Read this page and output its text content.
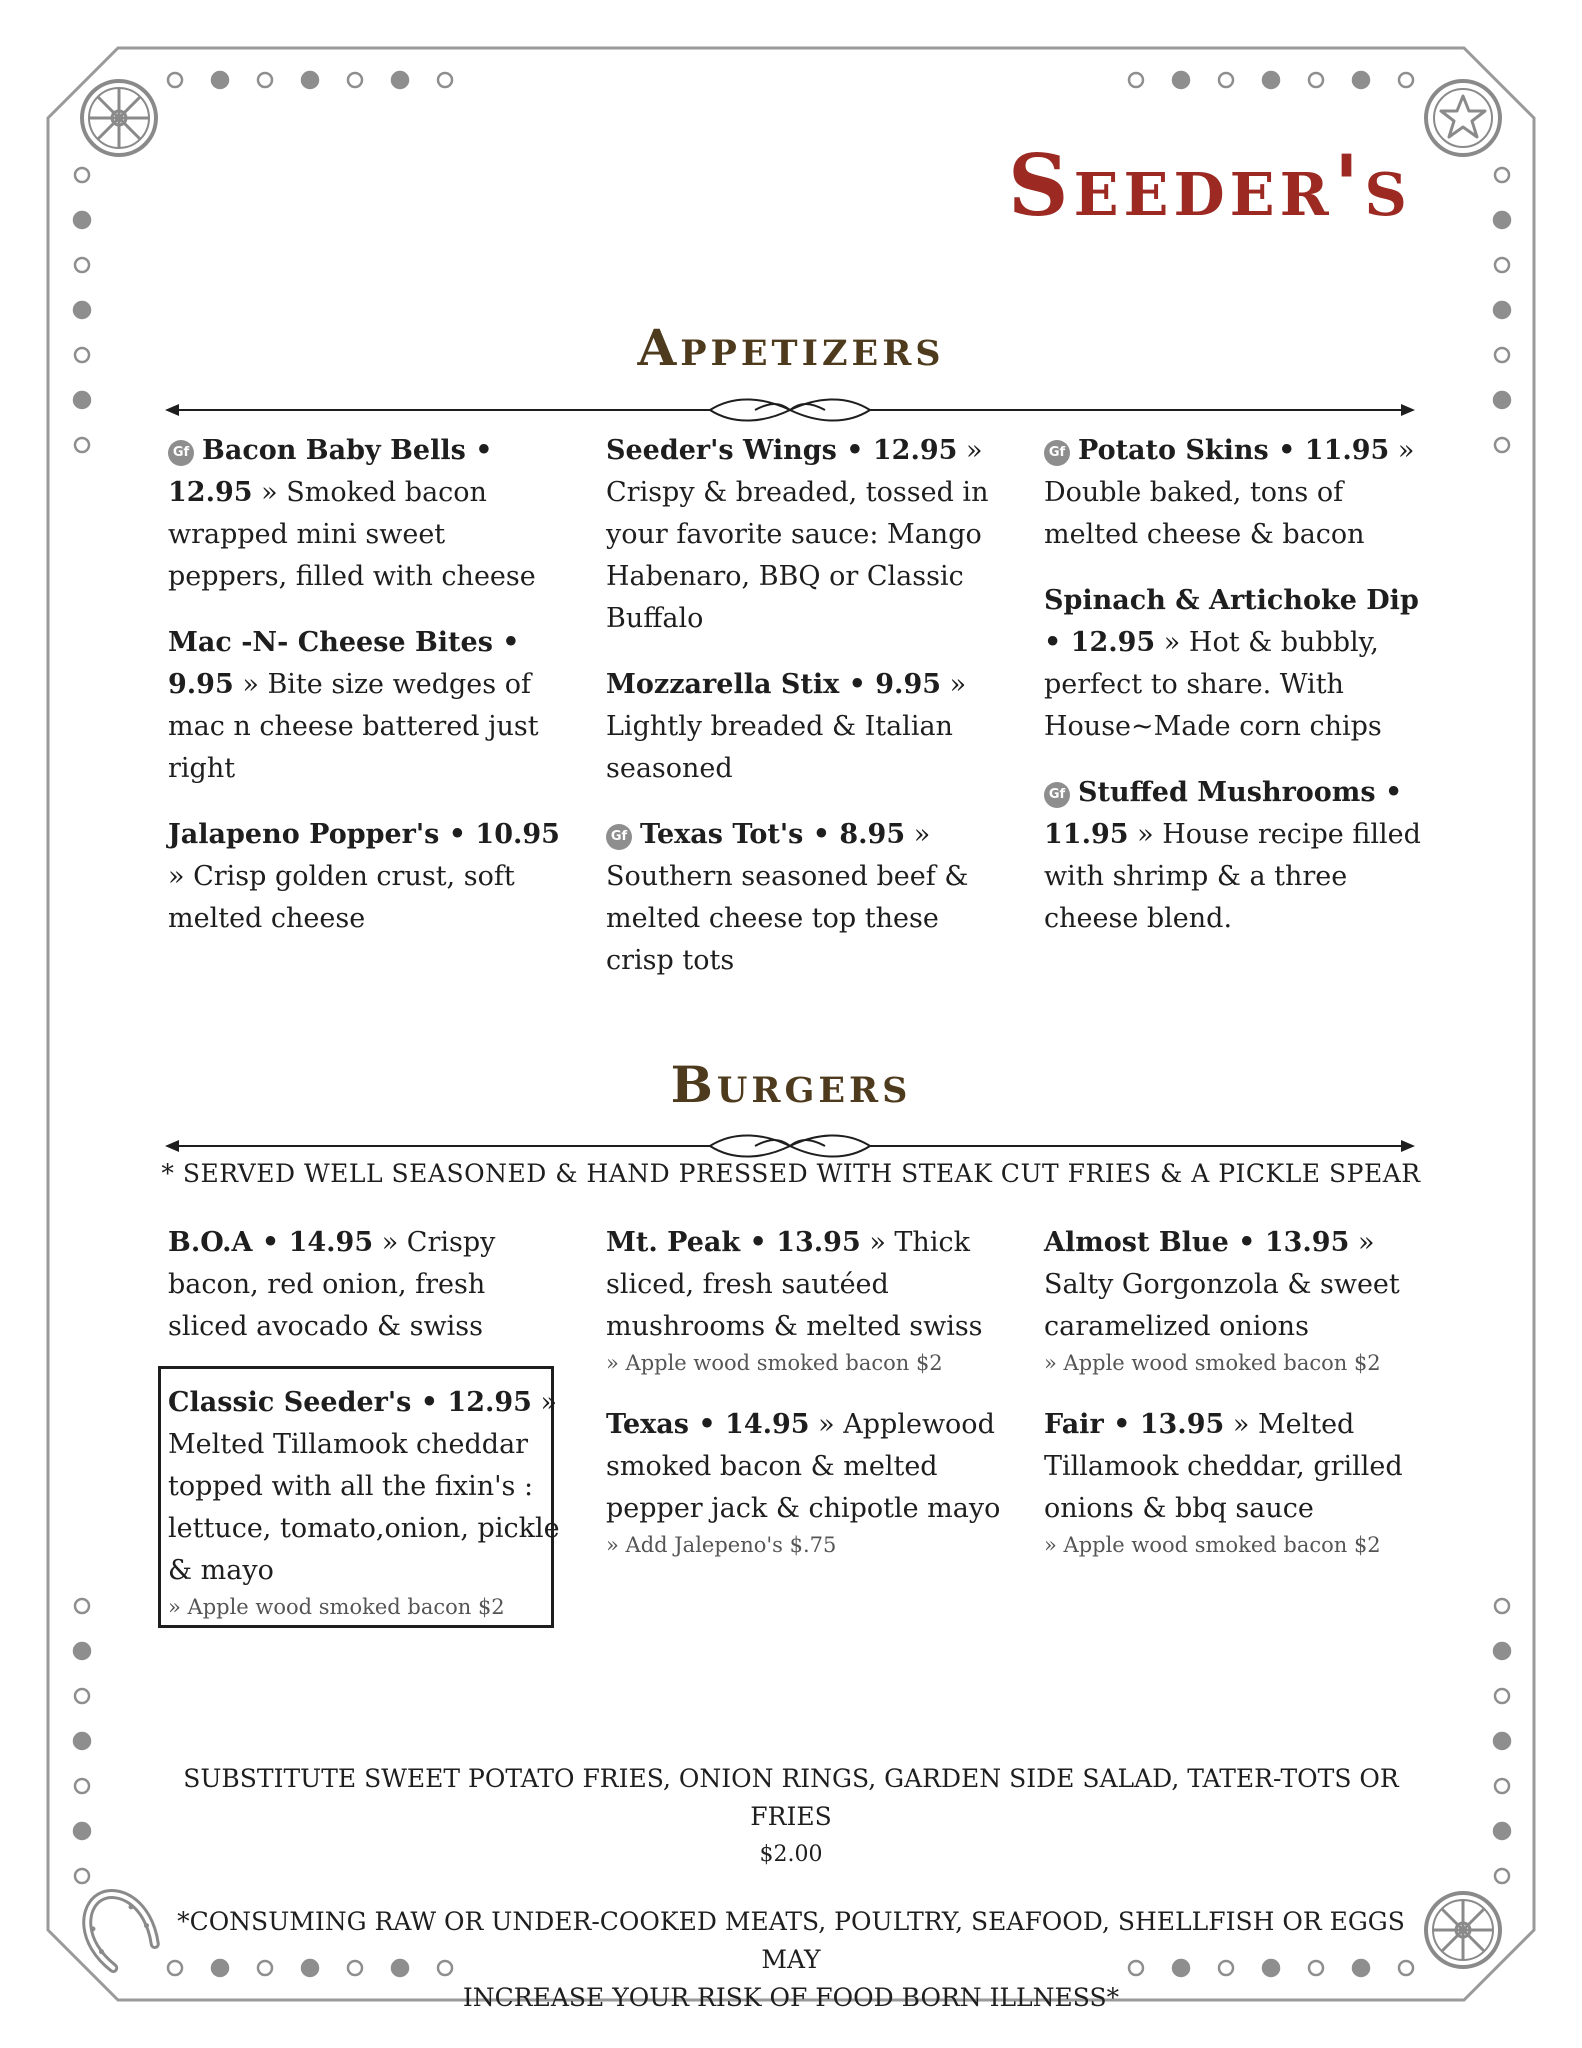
Seeder's
Appetizers
Gf Bacon Baby Bells • 12.95 » Smoked bacon wrapped mini sweet peppers, filled with cheese
Mac -N- Cheese Bites • 9.95 » Bite size wedges of mac n cheese battered just right
Jalapeno Popper's • 10.95 » Crisp golden crust, soft melted cheese
Seeder's Wings • 12.95 » Crispy & breaded, tossed in your favorite sauce: Mango Habenaro, BBQ or Classic Buffalo
Mozzarella Stix • 9.95 » Lightly breaded & Italian seasoned
Gf Texas Tot's • 8.95 » Southern seasoned beef & melted cheese top these crisp tots
Gf Potato Skins • 11.95 » Double baked, tons of melted cheese & bacon
Spinach & Artichoke Dip • 12.95 » Hot & bubbly, perfect to share. With House~Made corn chips
Gf Stuffed Mushrooms • 11.95 » House recipe filled with shrimp & a three cheese blend.
Burgers
* SERVED WELL SEASONED & HAND PRESSED WITH STEAK CUT FRIES & A PICKLE SPEAR
B.O.A • 14.95 » Crispy bacon, red onion, fresh sliced avocado & swiss
Classic Seeder's • 12.95 » Melted Tillamook cheddar topped with all the fixin's : lettuce, tomato,onion, pickle & mayo
» Apple wood smoked bacon $2
Mt. Peak • 13.95 » Thick sliced, fresh sautéed mushrooms & melted swiss
» Apple wood smoked bacon $2
Texas • 14.95 » Applewood smoked bacon & melted pepper jack & chipotle mayo
» Add Jalepeno's $.75
Almost Blue • 13.95 » Salty Gorgonzola & sweet caramelized onions
» Apple wood smoked bacon $2
Fair • 13.95 » Melted Tillamook cheddar, grilled onions & bbq sauce
» Apple wood smoked bacon $2
SUBSTITUTE SWEET POTATO FRIES, ONION RINGS, GARDEN SIDE SALAD, TATER-TOTS OR FRIES
$2.00
*CONSUMING RAW OR UNDER-COOKED MEATS, POULTRY, SEAFOOD, SHELLFISH OR EGGS MAY
INCREASE YOUR RISK OF FOOD BORN ILLNESS*
